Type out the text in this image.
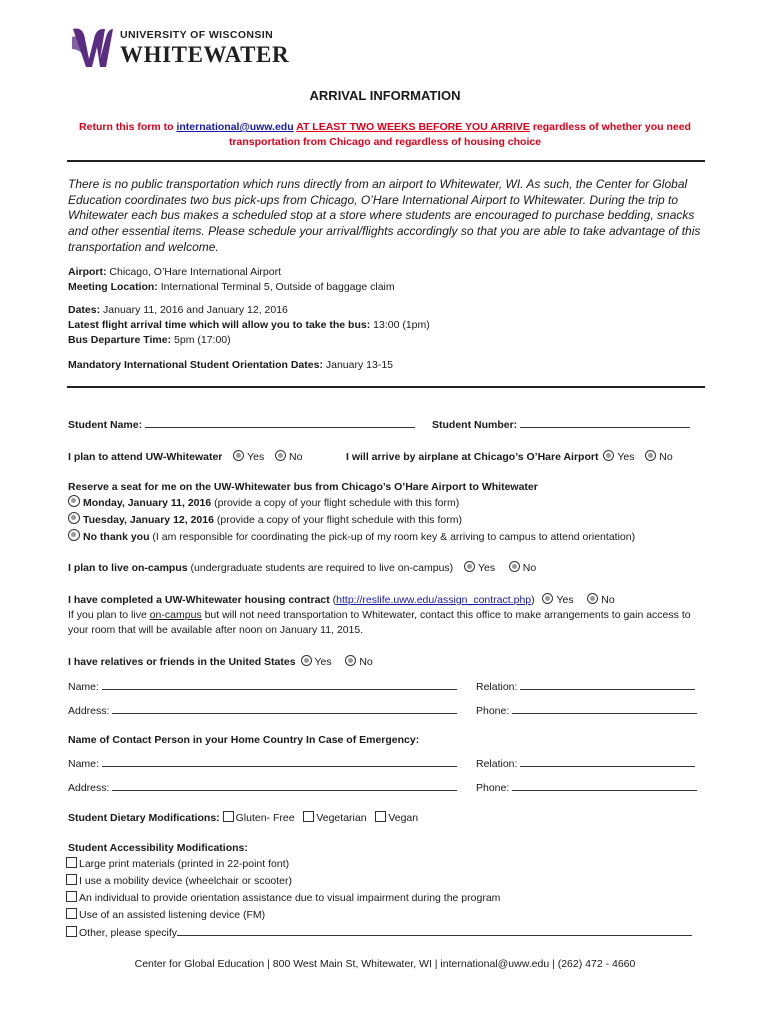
UNIVERSITY OF WISCONSIN
WHITEWATER
ARRIVAL INFORMATION
Return this form to international@uww.edu AT LEAST TWO WEEKS BEFORE YOU ARRIVE regardless of whether you need transportation from Chicago and regardless of housing choice
There is no public transportation which runs directly from an airport to Whitewater, WI. As such, the Center for Global Education coordinates two bus pick-ups from Chicago, O’Hare International Airport to Whitewater. During the trip to Whitewater each bus makes a scheduled stop at a store where students are encouraged to purchase bedding, snacks and other essential items. Please schedule your arrival/flights accordingly so that you are able to take advantage of this transportation and welcome.
Airport: Chicago, O’Hare International Airport
Meeting Location: International Terminal 5, Outside of baggage claim
Dates: January 11, 2016 and January 12, 2016
Latest flight arrival time which will allow you to take the bus: 13:00 (1pm)
Bus Departure Time: 5pm (17:00)
Mandatory International Student Orientation Dates: January 13-15
Student Name:	Student Number:
I plan to attend UW-Whitewater Yes No	I will arrive by airplane at Chicago’s O’Hare Airport Yes No
Reserve a seat for me on the UW-Whitewater bus from Chicago’s O’Hare Airport to Whitewater
Monday, January 11, 2016 (provide a copy of your flight schedule with this form)
Tuesday, January 12, 2016 (provide a copy of your flight schedule with this form)
No thank you (I am responsible for coordinating the pick-up of my room key & arriving to campus to attend orientation)
I plan to live on-campus (undergraduate students are required to live on-campus) Yes	No
I have completed a UW-Whitewater housing contract (http://reslife.uww.edu/assign_contract.php) Yes	No
If you plan to live on-campus but will not need transportation to Whitewater, contact this office to make arrangements to gain access to your room that will be available after noon on January 11, 2015.
I have relatives or friends in the United States Yes	No
Name:	Relation:
Address:	Phone:
Name of Contact Person in your Home Country In Case of Emergency:
Name:	Relation:
Address:	Phone:
Student Dietary Modifications: Gluten- Free Vegetarian Vegan
Student Accessibility Modifications:
Large print materials (printed in 22-point font)
I use a mobility device (wheelchair or scooter)
An individual to provide orientation assistance due to visual impairment during the program
Use of an assisted listening device (FM)
Other, please specify
Center for Global Education | 800 West Main St, Whitewater, WI | international@uww.edu | (262) 472 - 4660
